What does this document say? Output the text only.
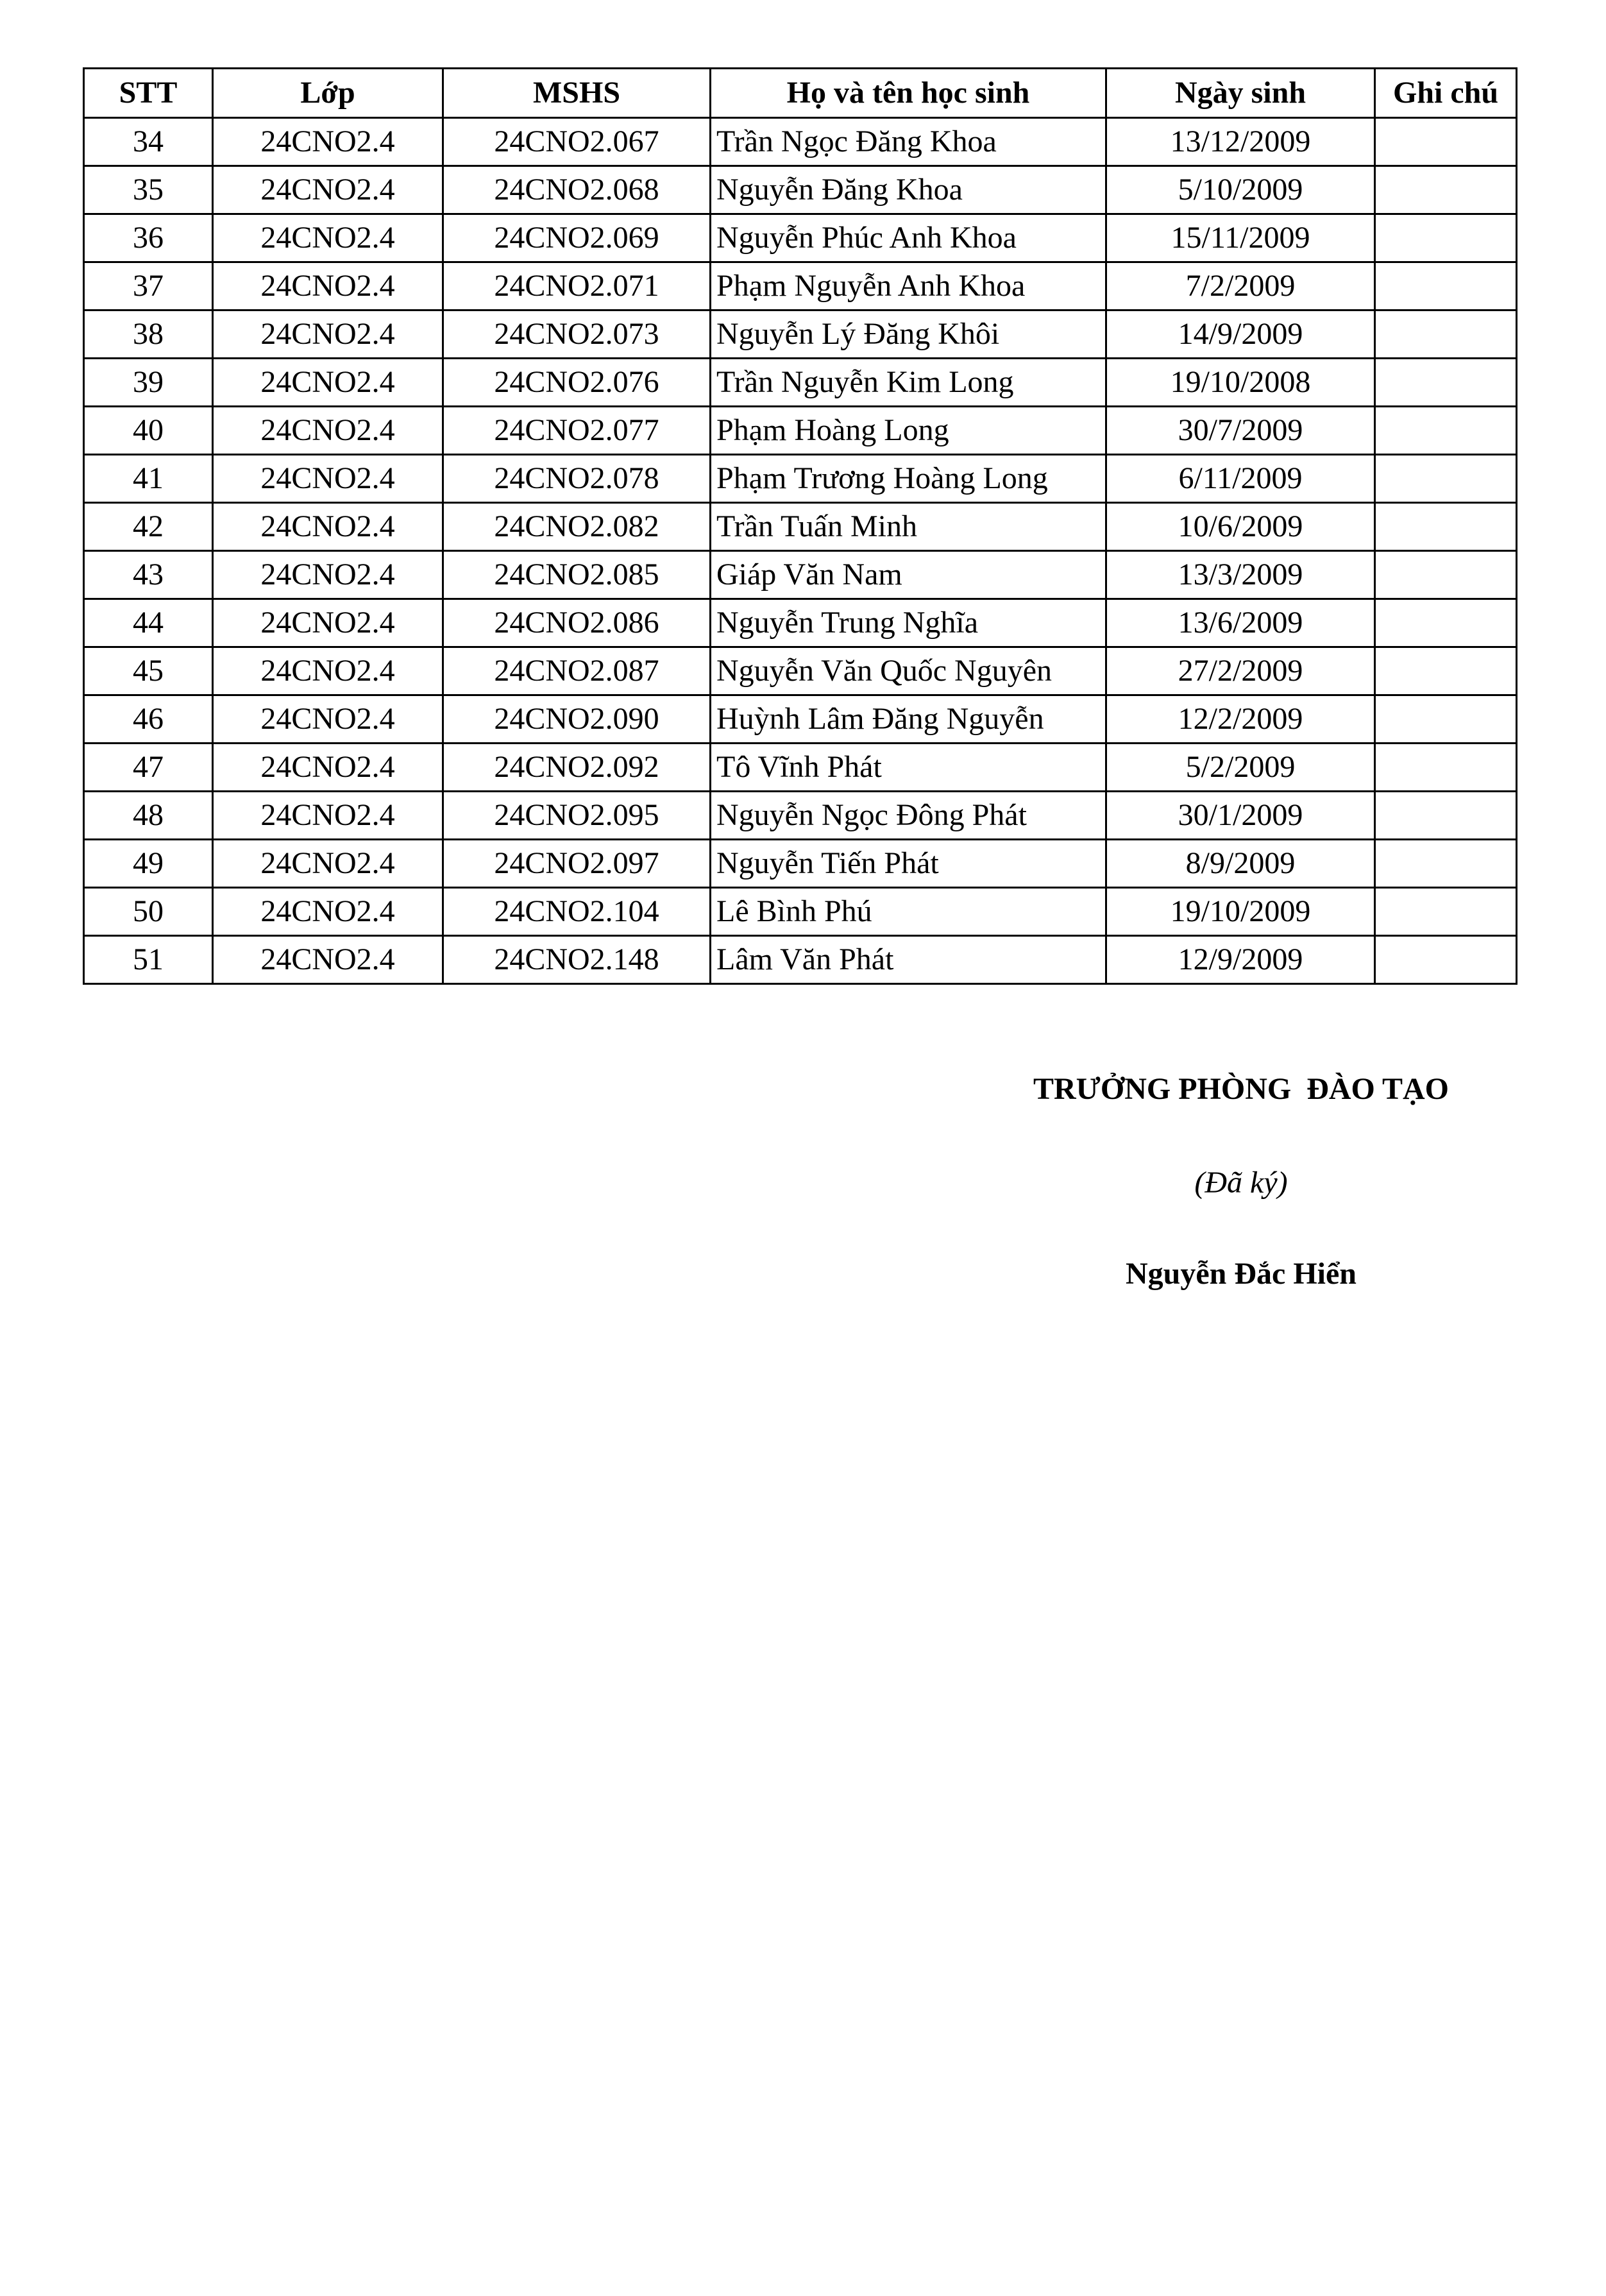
STT	Lớp	MSHS	Họ và tên học sinh	Ngày sinh	Ghi chú
34	24CNO2.4	24CNO2.067	Trần Ngọc Đăng Khoa	13/12/2009	
35	24CNO2.4	24CNO2.068	Nguyễn Đăng Khoa	5/10/2009	
36	24CNO2.4	24CNO2.069	Nguyễn Phúc Anh Khoa	15/11/2009	
37	24CNO2.4	24CNO2.071	Phạm Nguyễn Anh Khoa	7/2/2009	
38	24CNO2.4	24CNO2.073	Nguyễn Lý Đăng Khôi	14/9/2009	
39	24CNO2.4	24CNO2.076	Trần Nguyễn Kim Long	19/10/2008	
40	24CNO2.4	24CNO2.077	Phạm Hoàng Long	30/7/2009	
41	24CNO2.4	24CNO2.078	Phạm Trương Hoàng Long	6/11/2009	
42	24CNO2.4	24CNO2.082	Trần Tuấn Minh	10/6/2009	
43	24CNO2.4	24CNO2.085	Giáp Văn Nam	13/3/2009	
44	24CNO2.4	24CNO2.086	Nguyễn Trung Nghĩa	13/6/2009	
45	24CNO2.4	24CNO2.087	Nguyễn Văn Quốc Nguyên	27/2/2009	
46	24CNO2.4	24CNO2.090	Huỳnh Lâm Đăng Nguyễn	12/2/2009	
47	24CNO2.4	24CNO2.092	Tô Vĩnh Phát	5/2/2009	
48	24CNO2.4	24CNO2.095	Nguyễn Ngọc Đông Phát	30/1/2009	
49	24CNO2.4	24CNO2.097	Nguyễn Tiến Phát	8/9/2009	
50	24CNO2.4	24CNO2.104	Lê Bình Phú	19/10/2009	
51	24CNO2.4	24CNO2.148	Lâm Văn Phát	12/9/2009	
TRƯỞNG PHÒNG  ĐÀO TẠO
(Đã ký)
Nguyễn Đắc Hiển
